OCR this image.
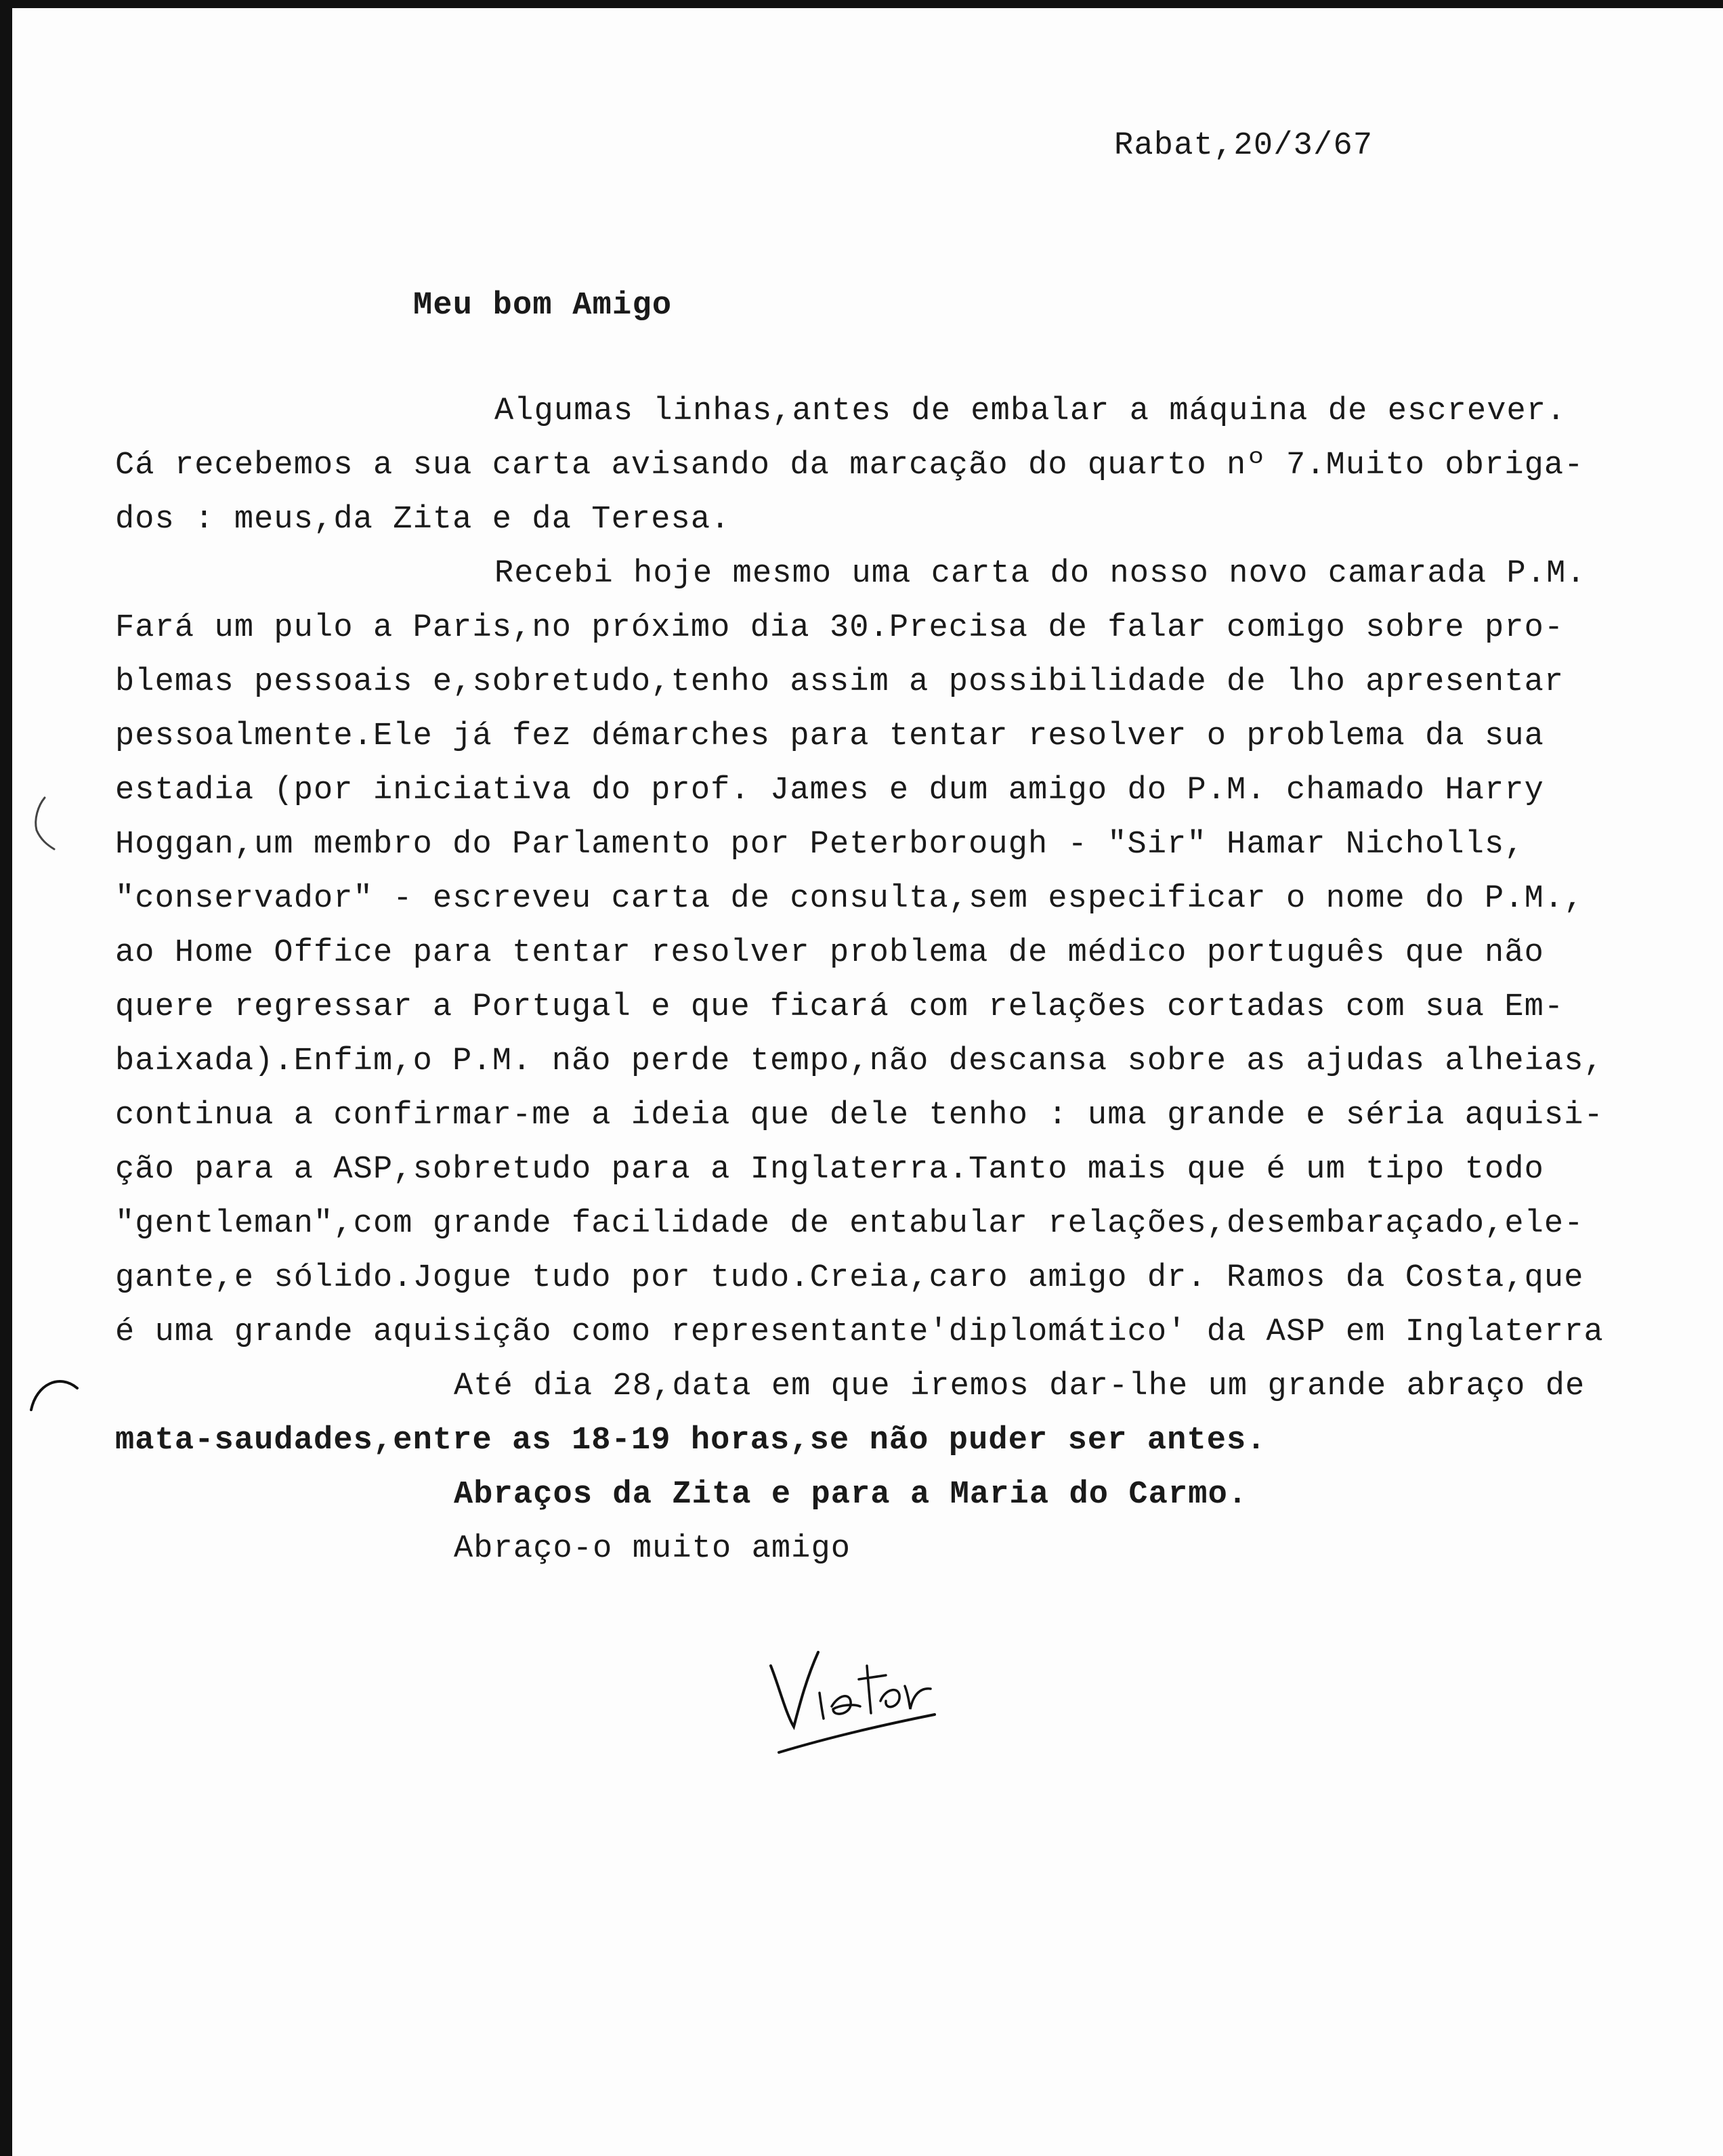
Rabat,20/3/67
Meu bom Amigo
Algumas linhas,antes de embalar a máquina de escrever.
Cá recebemos a sua carta avisando da marcação do quarto nº 7.Muito obriga-
dos : meus,da Zita e da Teresa.
Recebi hoje mesmo uma carta do nosso novo camarada P.M.
Fará um pulo a Paris,no próximo dia 30.Precisa de falar comigo sobre pro-
blemas pessoais e,sobretudo,tenho assim a possibilidade de lho apresentar
pessoalmente.Ele já fez démarches para tentar resolver o problema da sua
estadia (por iniciativa do prof. James e dum amigo do P.M. chamado Harry
Hoggan,um membro do Parlamento por Peterborough - "Sir" Hamar Nicholls,
"conservador" - escreveu carta de consulta,sem especificar o nome do P.M.,
ao Home Office para tentar resolver problema de médico português que não
quere regressar a Portugal e que ficará com relações cortadas com sua Em-
baixada).Enfim,o P.M. não perde tempo,não descansa sobre as ajudas alheias,
continua a confirmar-me a ideia que dele tenho : uma grande e séria aquisi-
ção para a ASP,sobretudo para a Inglaterra.Tanto mais que é um tipo todo
"gentleman",com grande facilidade de entabular relações,desembaraçado,ele-
gante,e sólido.Jogue tudo por tudo.Creia,caro amigo dr. Ramos da Costa,que
é uma grande aquisição como representante'diplomático' da ASP em Inglaterra
Até dia 28,data em que iremos dar-lhe um grande abraço de
mata-saudades,entre as 18-19 horas,se não puder ser antes.
Abraços da Zita e para a Maria do Carmo.
Abraço-o muito amigo
